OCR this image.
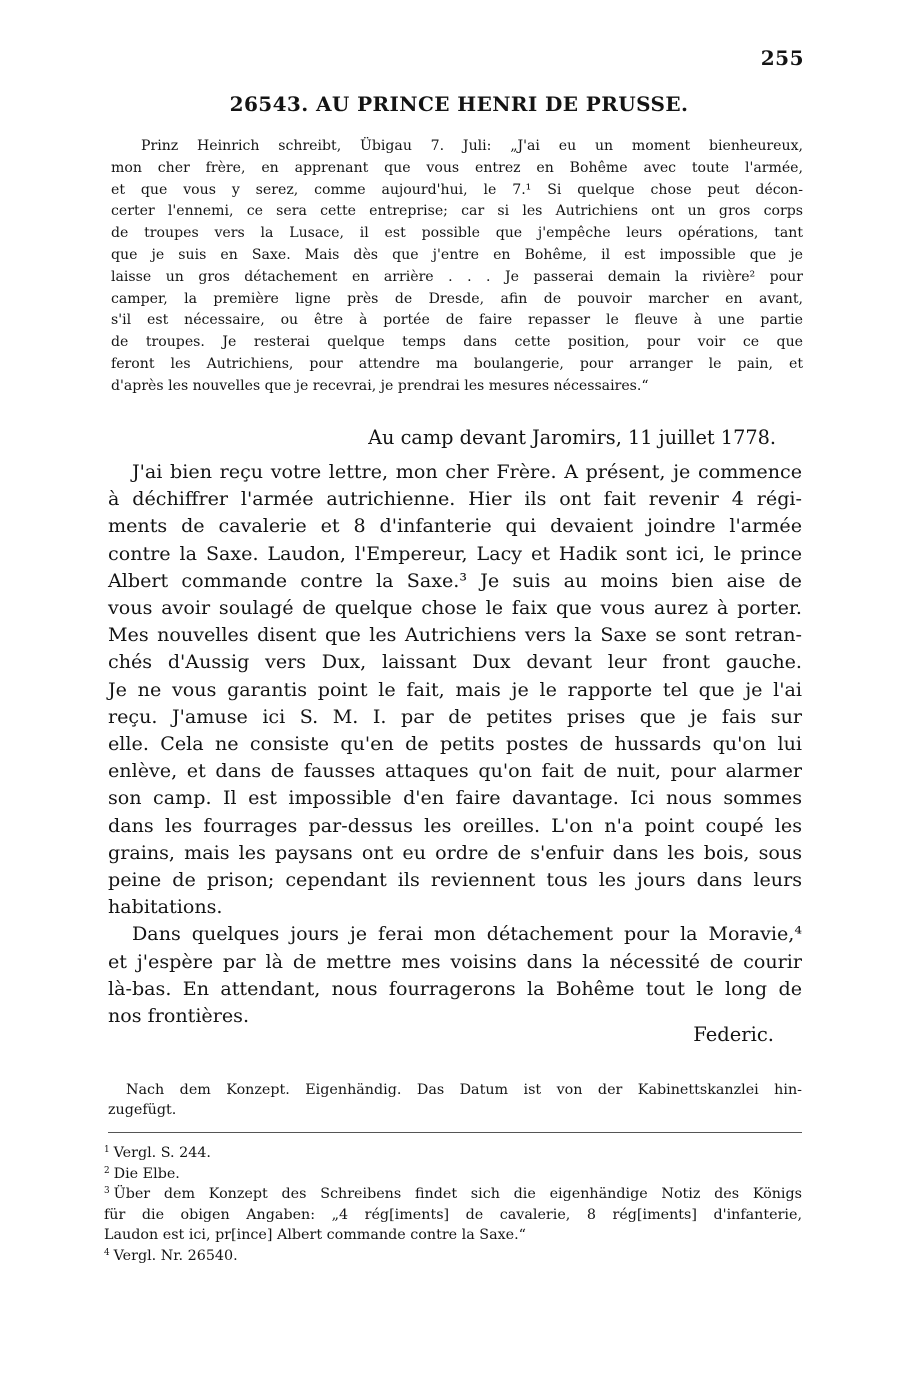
255
26543. AU PRINCE HENRI DE PRUSSE.
Prinz Heinrich schreibt, Übigau 7. Juli: „J'ai eu un moment bienheureux,
mon cher frère, en apprenant que vous entrez en Bohême avec toute l'armée,
et que vous y serez, comme aujourd'hui, le 7.¹ Si quelque chose peut décon-
certer l'ennemi, ce sera cette entreprise; car si les Autrichiens ont un gros corps
de troupes vers la Lusace, il est possible que j'empêche leurs opérations, tant
que je suis en Saxe. Mais dès que j'entre en Bohême, il est impossible que je
laisse un gros détachement en arrière . . . Je passerai demain la rivière² pour
camper, la première ligne près de Dresde, afin de pouvoir marcher en avant,
s'il est nécessaire, ou être à portée de faire repasser le fleuve à une partie
de troupes. Je resterai quelque temps dans cette position, pour voir ce que
feront les Autrichiens, pour attendre ma boulangerie, pour arranger le pain, et
d'après les nouvelles que je recevrai, je prendrai les mesures nécessaires.“
Au camp devant Jaromirs, 11 juillet 1778.
J'ai bien reçu votre lettre, mon cher Frère. A présent, je commence
à déchiffrer l'armée autrichienne. Hier ils ont fait revenir 4 régi-
ments de cavalerie et 8 d'infanterie qui devaient joindre l'armée
contre la Saxe. Laudon, l'Empereur, Lacy et Hadik sont ici, le prince
Albert commande contre la Saxe.³ Je suis au moins bien aise de
vous avoir soulagé de quelque chose le faix que vous aurez à porter.
Mes nouvelles disent que les Autrichiens vers la Saxe se sont retran-
chés d'Aussig vers Dux, laissant Dux devant leur front gauche.
Je ne vous garantis point le fait, mais je le rapporte tel que je l'ai
reçu. J'amuse ici S. M. I. par de petites prises que je fais sur
elle. Cela ne consiste qu'en de petits postes de hussards qu'on lui
enlève, et dans de fausses attaques qu'on fait de nuit, pour alarmer
son camp. Il est impossible d'en faire davantage. Ici nous sommes
dans les fourrages par-dessus les oreilles. L'on n'a point coupé les
grains, mais les paysans ont eu ordre de s'enfuir dans les bois, sous
peine de prison; cependant ils reviennent tous les jours dans leurs
habitations.
Dans quelques jours je ferai mon détachement pour la Moravie,⁴
et j'espère par là de mettre mes voisins dans la nécessité de courir
là-bas. En attendant, nous fourragerons la Bohême tout le long de
nos frontières.
Federic.
Nach dem Konzept. Eigenhändig. Das Datum ist von der Kabinettskanzlei hin-
zugefügt.
$^1$ Vergl. S. 244.
$^2$ Die Elbe.
$^3$ Über dem Konzept des Schreibens findet sich die eigenhändige Notiz des Königs
für die obigen Angaben: „4 rég[iments] de cavalerie, 8 rég[iments] d'infanterie,
Laudon est ici, pr[ince] Albert commande contre la Saxe.“
$^4$ Vergl. Nr. 26540.
